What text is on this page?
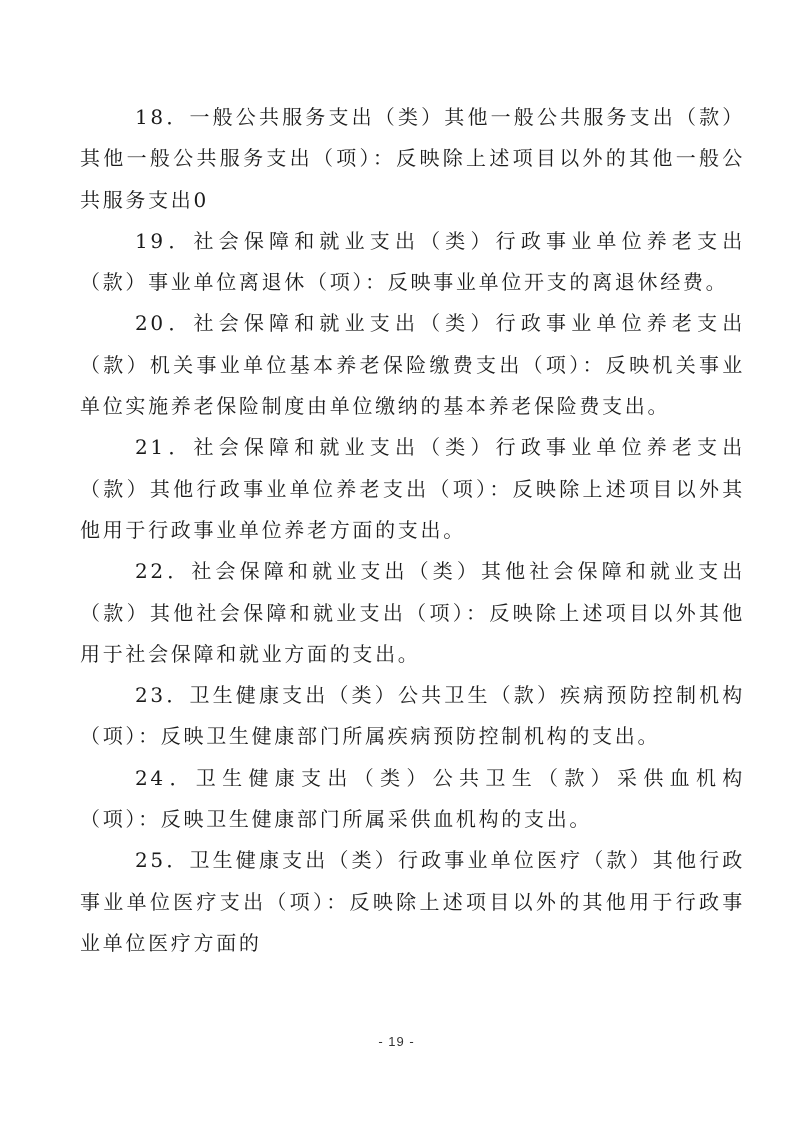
18．一般公共服务支出（类）其他一般公共服务支出（款）其他一般公共服务支出（项）：反映除上述项目以外的其他一般公共服务支出0

19．社会保障和就业支出（类）行政事业单位养老支出（款）事业单位离退休（项）：反映事业单位开支的离退休经费。

20．社会保障和就业支出（类）行政事业单位养老支出（款）机关事业单位基本养老保险缴费支出（项）：反映机关事业单位实施养老保险制度由单位缴纳的基本养老保险费支出。

21．社会保障和就业支出（类）行政事业单位养老支出（款）其他行政事业单位养老支出（项）：反映除上述项目以外其他用于行政事业单位养老方面的支出。

22．社会保障和就业支出（类）其他社会保障和就业支出（款）其他社会保障和就业支出（项）：反映除上述项目以外其他用于社会保障和就业方面的支出。

23．卫生健康支出（类）公共卫生（款）疾病预防控制机构（项）：反映卫生健康部门所属疾病预防控制机构的支出。

24．卫生健康支出（类）公共卫生（款）采供血机构（项）：反映卫生健康部门所属采供血机构的支出。

25．卫生健康支出（类）行政事业单位医疗（款）其他行政事业单位医疗支出（项）：反映除上述项目以外的其他用于行政事业单位医疗方面的

- 19 -
